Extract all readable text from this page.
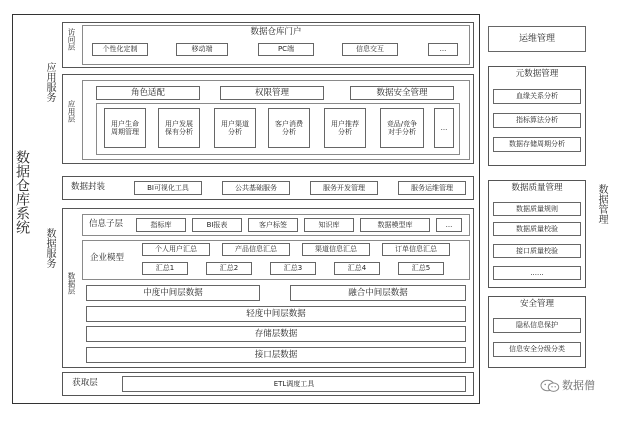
数据仓库系统
应用服务
访问层	数据仓库门户
个性化定制	移动端	PC端	信息交互	...
应用层
角色适配	权限管理	数据安全管理
用户生命周期管理
用户发展保有分析
用户渠道分析
客户消费分析
用户推荐分析
竞品/竞争对手分析
...
数据服务
数据封装	BI可视化工具	公共基础服务	服务开发管理	服务运维管理
数据层
信息子层	指标库	BI报表	客户标签	知识库	数据模型库	...
企业模型
个人用户汇总	产品信息汇总	渠道信息汇总	订单信息汇总
汇总1	汇总2	汇总3	汇总4	汇总5
中度中间层数据	融合中间层数据
轻度中间层数据
存储层数据
接口层数据
获取层	ETL调度工具
运维管理
元数据管理
血缘关系分析
指标算法分析
数据存储周期分析
数据质量管理
数据质量规则
数据质量校验
接口质量校验
......
安全管理
隐私信息保护
信息安全分级分类
数据管理
数据僧
